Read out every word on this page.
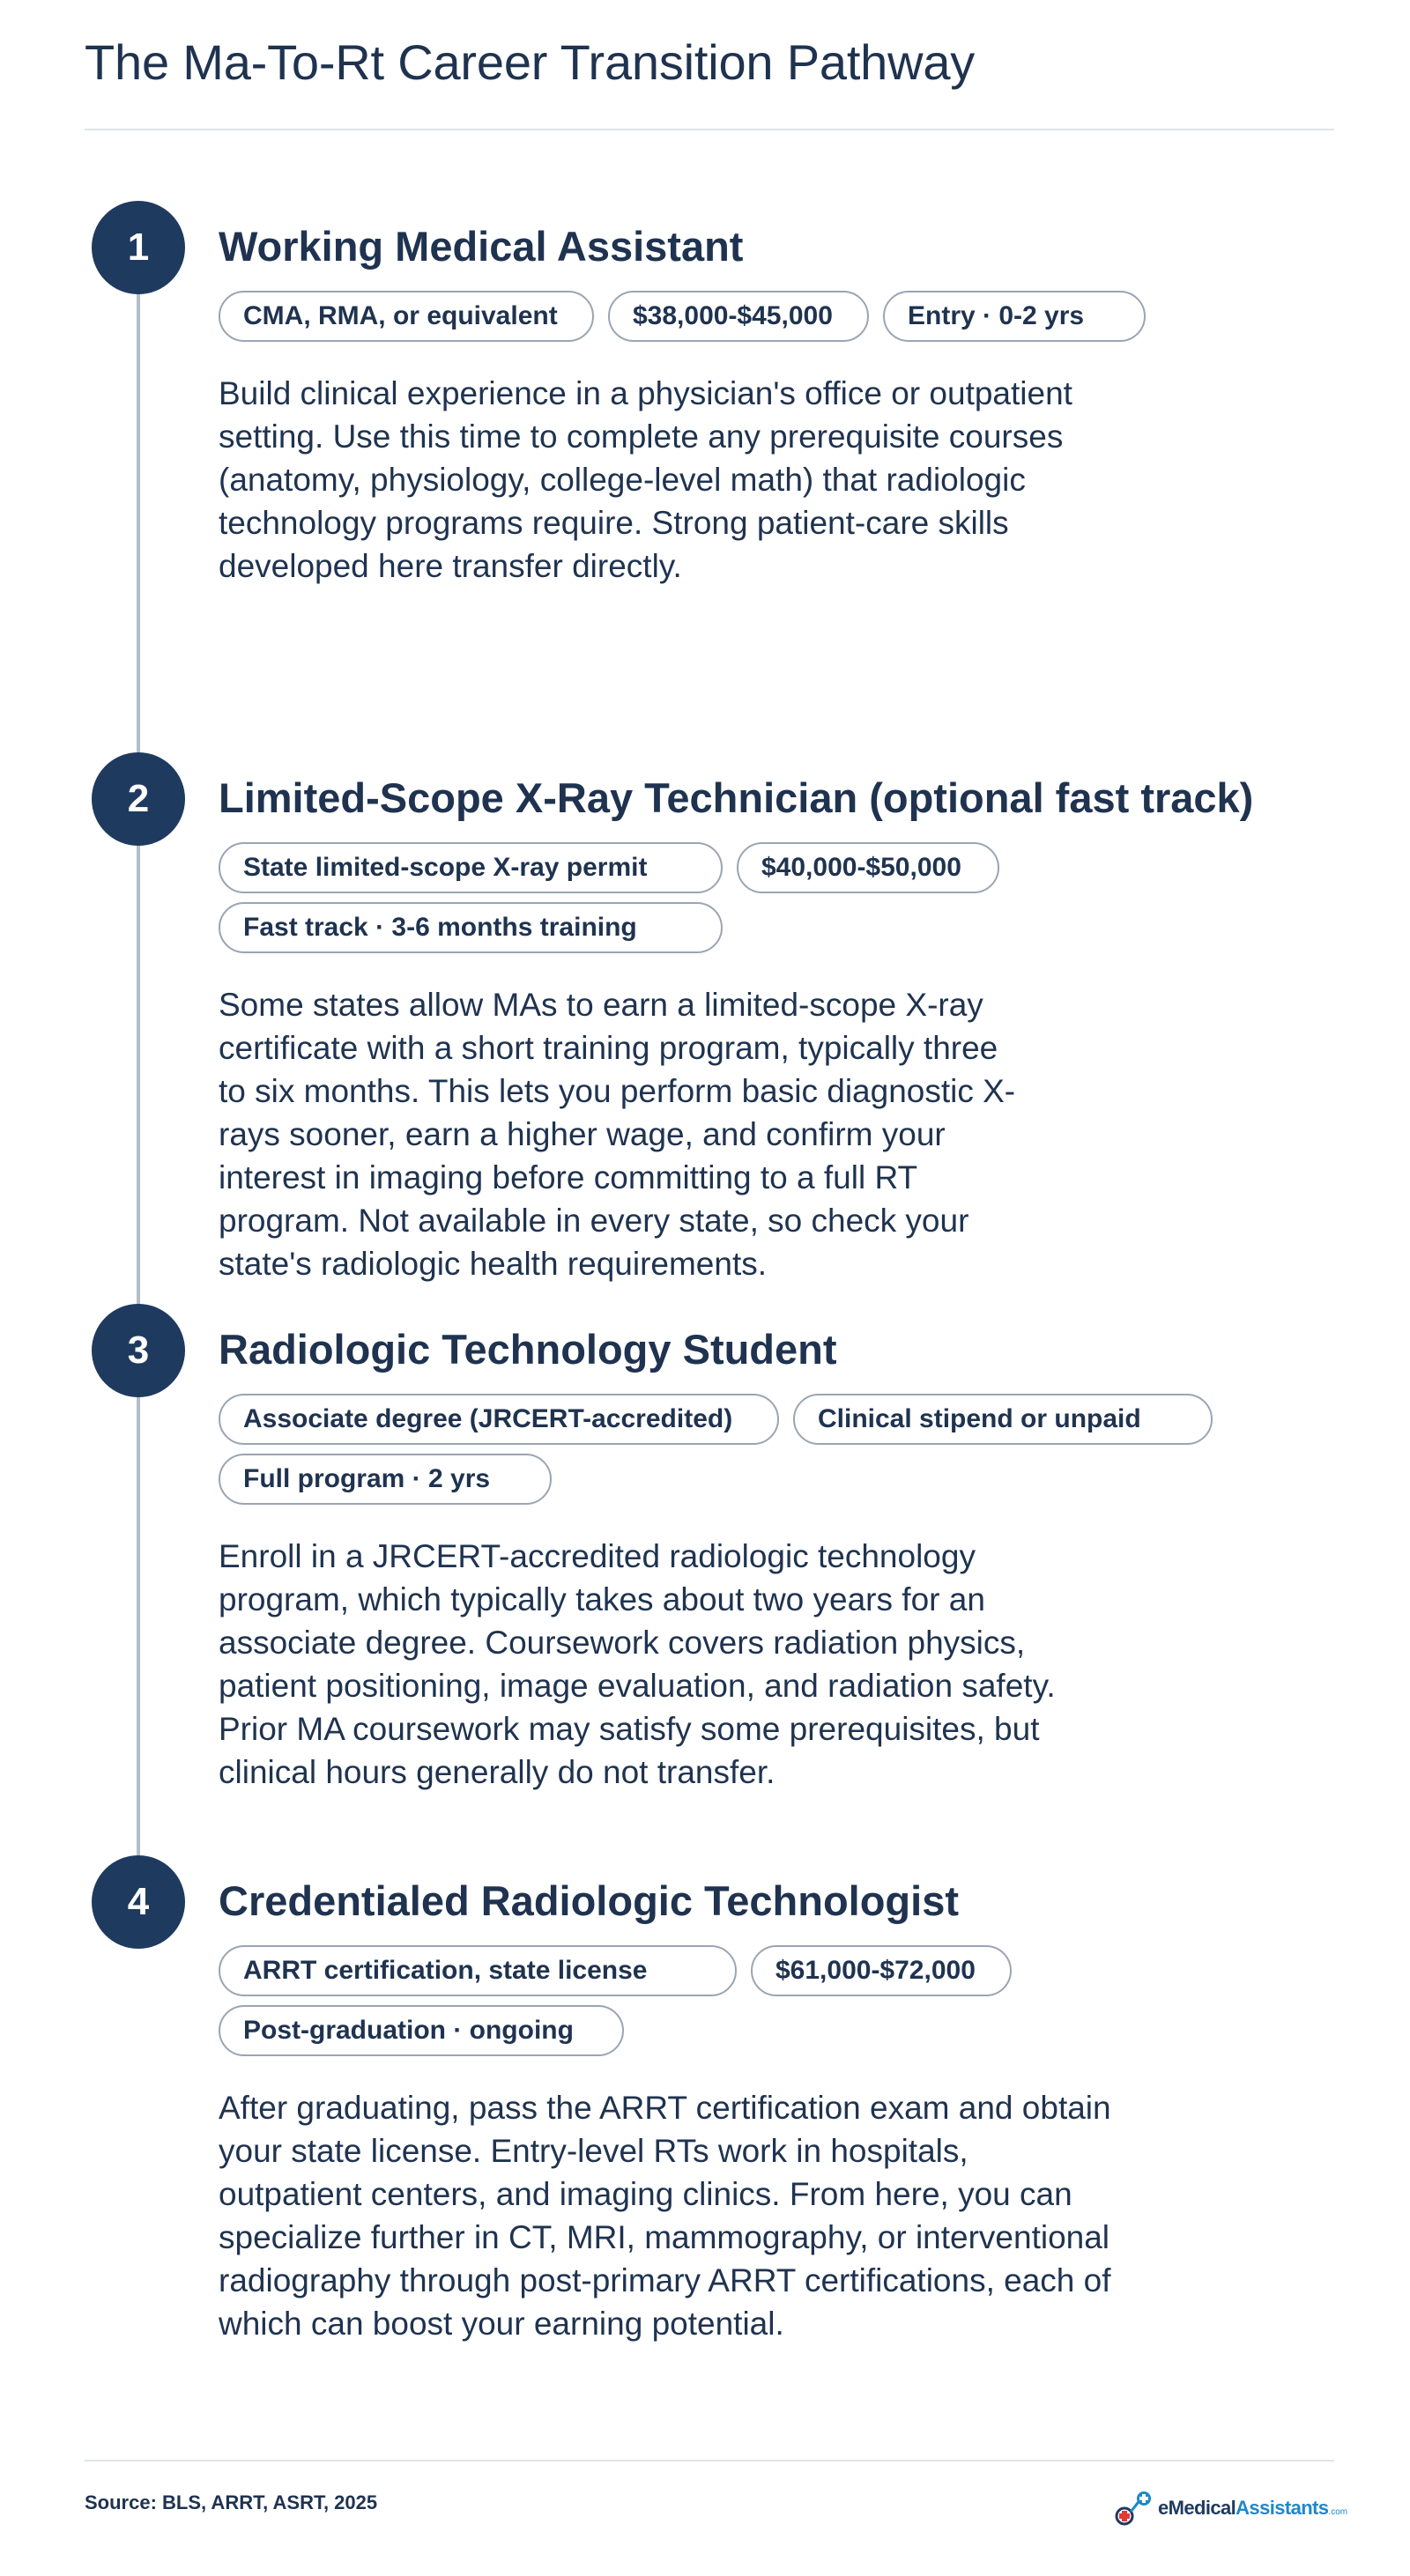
The Ma-To-Rt Career Transition Pathway
1	Working Medical Assistant
CMA, RMA, or equivalent	$38,000-$45,000	Entry · 0-2 yrs

Build clinical experience in a physician's office or outpatient setting. Use this time to complete any prerequisite courses (anatomy, physiology, college-level math) that radiologic technology programs require. Strong patient-care skills developed here transfer directly.

2	Limited-Scope X-Ray Technician (optional fast track)
State limited-scope X-ray permit	$40,000-$50,000
Fast track · 3-6 months training

Some states allow MAs to earn a limited-scope X-ray certificate with a short training program, typically three to six months. This lets you perform basic diagnostic X-rays sooner, earn a higher wage, and confirm your interest in imaging before committing to a full RT program. Not available in every state, so check your state's radiologic health requirements.

3	Radiologic Technology Student
Associate degree (JRCERT-accredited)	Clinical stipend or unpaid
Full program · 2 yrs

Enroll in a JRCERT-accredited radiologic technology program, which typically takes about two years for an associate degree. Coursework covers radiation physics, patient positioning, image evaluation, and radiation safety. Prior MA coursework may satisfy some prerequisites, but clinical hours generally do not transfer.

4	Credentialed Radiologic Technologist
ARRT certification, state license	$61,000-$72,000
Post-graduation · ongoing

After graduating, pass the ARRT certification exam and obtain your state license. Entry-level RTs work in hospitals, outpatient centers, and imaging clinics. From here, you can specialize further in CT, MRI, mammography, or interventional radiography through post-primary ARRT certifications, each of which can boost your earning potential.

Source: BLS, ARRT, ASRT, 2025	eMedicalAssistants.com
